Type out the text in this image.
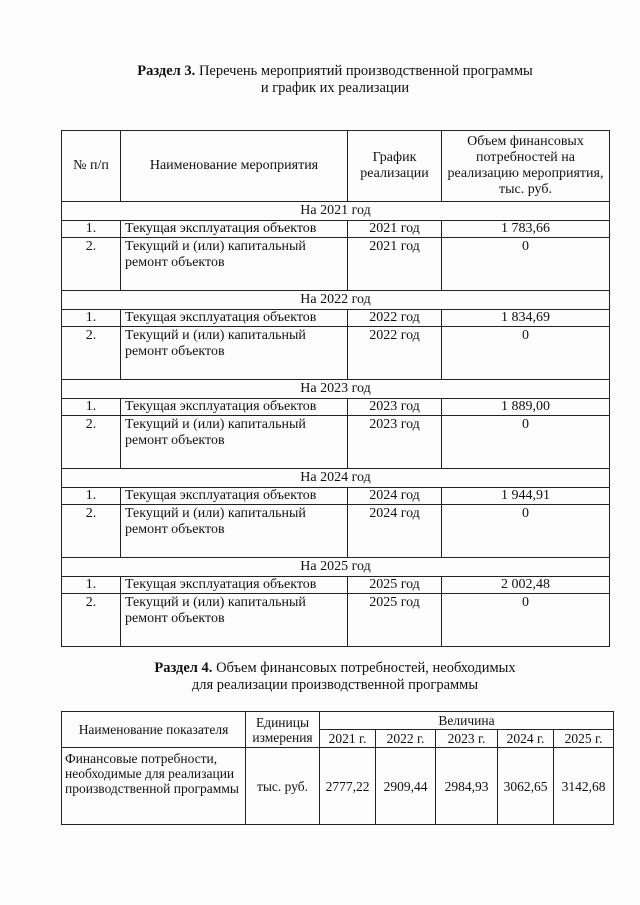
Раздел 3. Перечень мероприятий производственной программы
и график их реализации
№ п/п	Наименование мероприятия	График реализации	Объем финансовых потребностей на реализацию мероприятия, тыс. руб.
На 2021 год			
1.	Текущая эксплуатация объектов	2021 год	1 783,66
2.	Текущий и (или) капитальный ремонт объектов	2021 год	0
На 2022 год			
1.	Текущая эксплуатация объектов	2022 год	1 834,69
2.	Текущий и (или) капитальный ремонт объектов	2022 год	0
На 2023 год			
1.	Текущая эксплуатация объектов	2023 год	1 889,00
2.	Текущий и (или) капитальный ремонт объектов	2023 год	0
На 2024 год			
1.	Текущая эксплуатация объектов	2024 год	1 944,91
2.	Текущий и (или) капитальный ремонт объектов	2024 год	0
На 2025 год			
1.	Текущая эксплуатация объектов	2025 год	2 002,48
2.	Текущий и (или) капитальный ремонт объектов	2025 год	0
Раздел 4. Объем финансовых потребностей, необходимых
для реализации производственной программы
Наименование показателя	Единицы измерения	Величина				
		2021 г.	2022 г.	2023 г.	2024 г.	2025 г.
Финансовые потребности, необходимые для реализации производственной программы	тыс. руб.	2777,22	2909,44	2984,93	3062,65	3142,68
